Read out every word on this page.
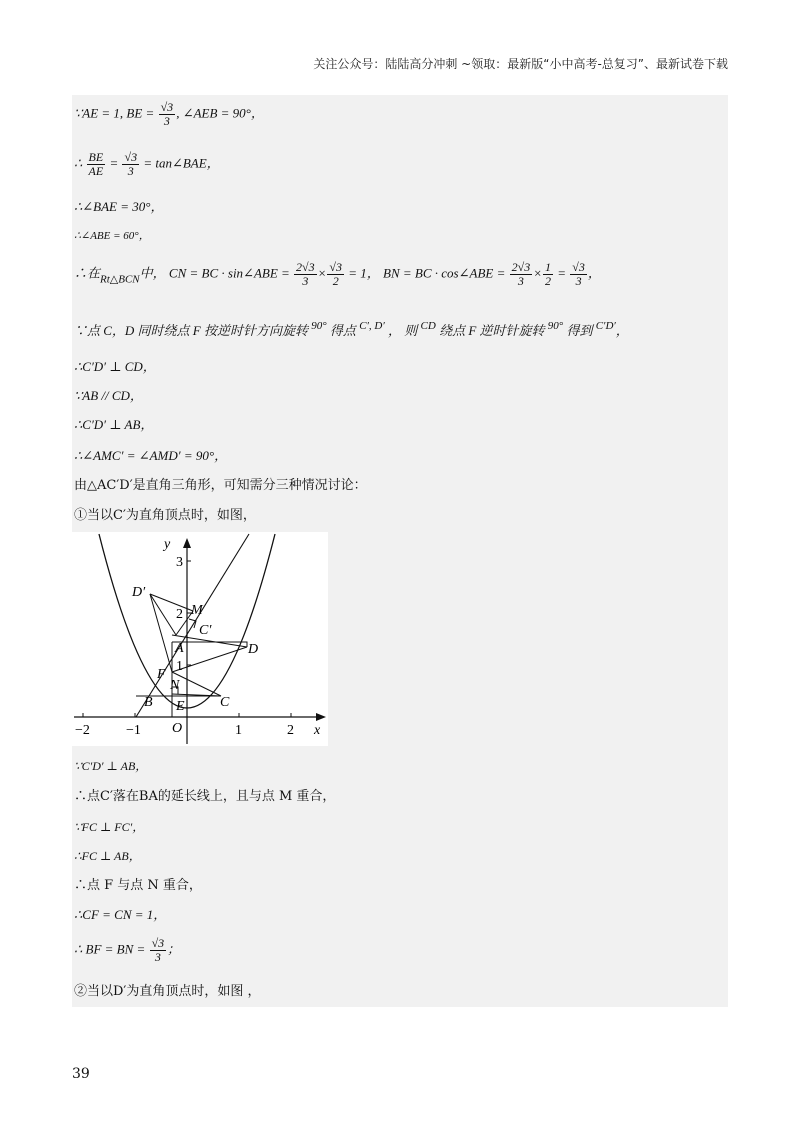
关注公众号：陆陆高分冲刺 ~领取：最新版“小中高考-总复习”、最新试卷下载
∵AE = 1, BE = $\frac{√3}{3}$ , ∠AEB = 90°，
∴ $\frac{BE}{AE} = \frac{√3}{3}$ = tan∠BAE，
∴∠BAE = 30°，
∴∠ABE = 60°，
∴在$_{Rt\triangle BCN}$中， CN = BC · sin∠ABE = $\frac{2√3}{3} \times \frac{√3}{2} = 1$， BN = BC · cos∠ABE = $\frac{2√3}{3} \times \frac{1}{2} = \frac{√3}{3}$ ，
∵点 C，D 同时绕点 F 按逆时针方向旋转 $^{90^\circ}$ 得点 $^{C', D'}$ ， 则 $^{CD}$ 绕点 F 逆时针旋转 $^{90^\circ}$ 得到 $^{C'D'}$，
∴C′D′ ⊥ CD，
∵AB // CD，
∴C′D′ ⊥ AB，
∴∠AMC′ = ∠AMD′ = 90°，
由△AC′D′是直角三角形，可知需分三种情况讨论：
①当以C′为直角顶点时，如图，
D′
M
C′
A	D
F
N
B E	C
O	x
y
−2	−1	1	2
1
2
3
∵C′D′ ⊥ AB，
∴点C′落在BA的延长线上，且与点 M 重合，
∵FC ⊥ FC′，
∴FC ⊥ AB，
∴点 F 与点 N 重合，
∴CF = CN = 1，
∴ BF = BN = $\frac{√3}{3}$ ；
②当以D′为直角顶点时，如图 ，
39
